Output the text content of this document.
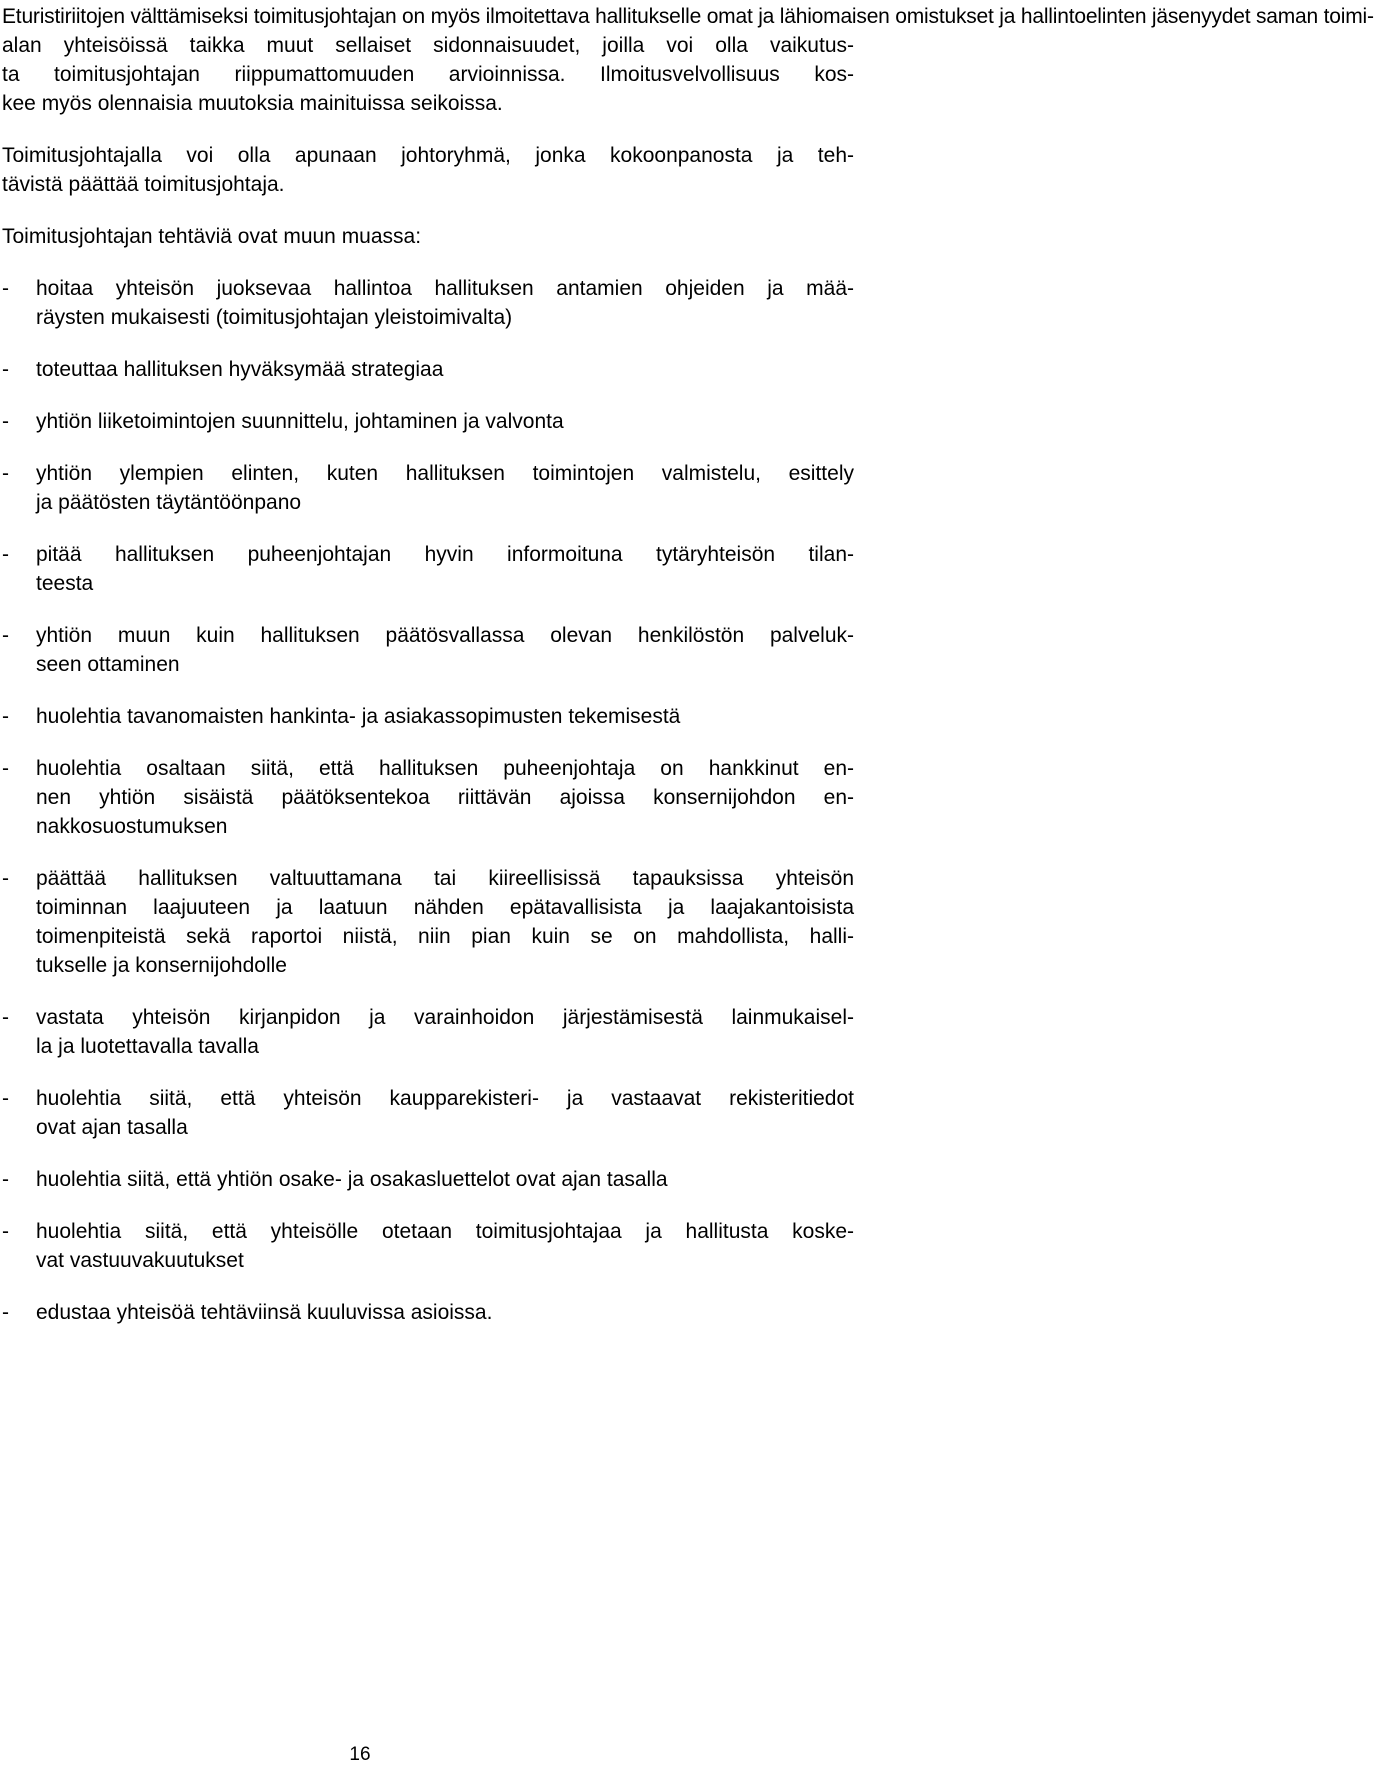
Eturistiriitojen välttämiseksi toimitusjohtajan on myös ilmoitettava hallitukselle omat ja lähiomaisen omistukset ja hallintoelinten jäsenyydet saman toimi-
alan yhteisöissä taikka muut sellaiset sidonnaisuudet, joilla voi olla vaikutus-
ta toimitusjohtajan riippumattomuuden arvioinnissa. Ilmoitusvelvollisuus kos-
kee myös olennaisia muutoksia mainituissa seikoissa.

Toimitusjohtajalla voi olla apunaan johtoryhmä, jonka kokoonpanosta ja teh-
tävistä päättää toimitusjohtaja.

Toimitusjohtajan tehtäviä ovat muun muassa:

-	hoitaa yhteisön juoksevaa hallintoa hallituksen antamien ohjeiden ja mää-
räysten mukaisesti (toimitusjohtajan yleistoimivalta)
-	toteuttaa hallituksen hyväksymää strategiaa
-	yhtiön liiketoimintojen suunnittelu, johtaminen ja valvonta
-	yhtiön ylempien elinten, kuten hallituksen toimintojen valmistelu, esittely
ja päätösten täytäntöönpano
-	pitää hallituksen puheenjohtajan hyvin informoituna tytäryhteisön tilan-
teesta
-	yhtiön muun kuin hallituksen päätösvallassa olevan henkilöstön palveluk-
seen ottaminen
-	huolehtia tavanomaisten hankinta- ja asiakassopimusten tekemisestä
-	huolehtia osaltaan siitä, että hallituksen puheenjohtaja on hankkinut en-
nen yhtiön sisäistä päätöksentekoa riittävän ajoissa konsernijohdon en-
nakkosuostumuksen
-	päättää hallituksen valtuuttamana tai kiireellisissä tapauksissa yhteisön
toiminnan laajuuteen ja laatuun nähden epätavallisista ja laajakantoisista
toimenpiteistä sekä raportoi niistä, niin pian kuin se on mahdollista, halli-
tukselle ja konsernijohdolle
-	vastata yhteisön kirjanpidon ja varainhoidon järjestämisestä lainmukaisel-
la ja luotettavalla tavalla
-	huolehtia siitä, että yhteisön kaupparekisteri- ja vastaavat rekisteritiedot
ovat ajan tasalla
-	huolehtia siitä, että yhtiön osake- ja osakasluettelot ovat ajan tasalla
-	huolehtia siitä, että yhteisölle otetaan toimitusjohtajaa ja hallitusta koske-
vat vastuuvakuutukset
-	edustaa yhteisöä tehtäviinsä kuuluvissa asioissa.
16
